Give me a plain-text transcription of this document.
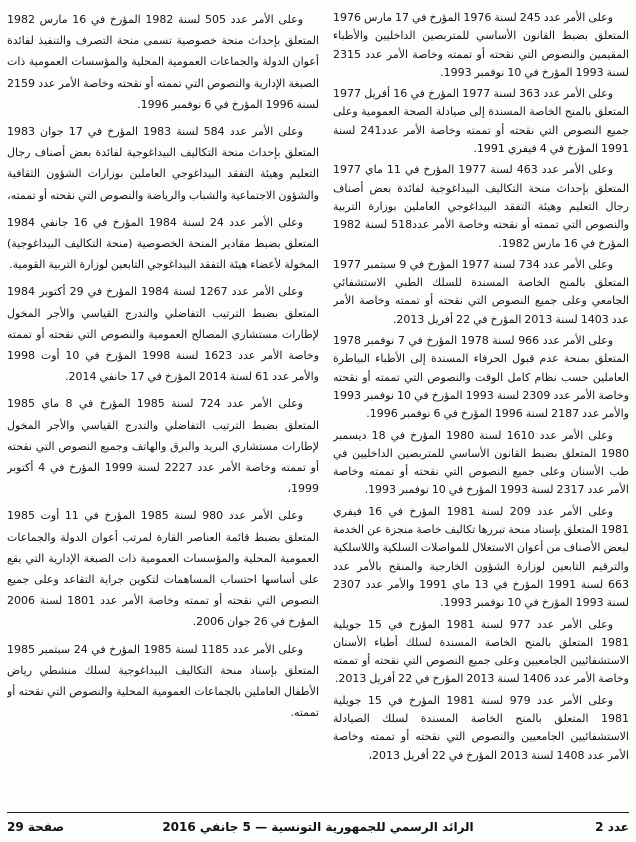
وعلى الأمر عدد 245 لسنة 1976 المؤرخ في 17 مارس 1976 المتعلق بضبط القانون الأساسي للمتربصين الداخليين والأطباء المقيمين والنصوص التي نقحته أو تممته وخاصة الأمر عدد 2315 لسنة 1993 المؤرخ في 10 نوفمبر 1993.

وعلى الأمر عدد 363 لسنة 1977 المؤرخ في 16 أفريل 1977 المتعلق بالمنح الخاصة المسندة إلى صيادلة الصحة العمومية وعلى جميع النصوص التي نقحته أو تممته وخاصة الأمر عدد241 لسنة 1991 المؤرخ في 4 فيفري 1991.

وعلى الأمر عدد 463 لسنة 1977 المؤرخ في 11 ماي 1977 المتعلق بإحداث منحة التكاليف البيداغوجية لفائدة بعض أصناف رجال التعليم وهيئة التفقد البيداغوجي العاملين بوزارة التربية والنصوص التي تممته أو نقحته وخاصة الأمر عدد518 لسنة 1982 المؤرخ في 16 مارس 1982.

وعلى الأمر عدد 734 لسنة 1977 المؤرخ في 9 سبتمبر 1977 المتعلق بالمنح الخاصة المسندة للسلك الطبي الاستشفائي الجامعي وعلى جميع النصوص التي نقحته أو تممته وخاصة الأمر عدد 1403 لسنة 2013 المؤرخ في 22 أفريل 2013.

وعلى الأمر عدد 966 لسنة 1978 المؤرخ في 7 نوفمبر 1978 المتعلق بمنحة عدم قبول الحرفاء المسندة إلى الأطباء البياطرة العاملين حسب نظام كامل الوقت والنصوص التي تممته أو نقحته وخاصة الأمر عدد 2309 لسنة 1993 المؤرخ في 10 نوفمبر 1993 والأمر عدد 2187 لسنة 1996 المؤرخ في 6 نوفمبر 1996.

وعلى الأمر عدد 1610 لسنة 1980 المؤرخ في 18 ديسمبر 1980 المتعلق بضبط القانون الأساسي للمتربصين الداخليين في طب الأسنان وعلى جميع النصوص التي نقحته أو تممته وخاصة الأمر عدد 2317 لسنة 1993 المؤرخ في 10 نوفمبر 1993.

وعلى الأمر عدد 209 لسنة 1981 المؤرخ في 16 فيفري 1981 المتعلق بإسناد منحة تبررها تكاليف خاصة منجزة عن الخدمة لبعض الأصناف من أعوان الاستغلال للمواصلات السلكية واللاسلكية والترقيم التابعين لوزارة الشؤون الخارجية والمنقح بالأمر عدد 663 لسنة 1991 المؤرخ في 13 ماي 1991 والأمر عدد 2307 لسنة 1993 المؤرخ في 10 نوفمبر 1993.

وعلى الأمر عدد 977 لسنة 1981 المؤرخ في 15 جويلية 1981 المتعلق بالمنح الخاصة المسندة لسلك أطباء الأسنان الاستشفائيين الجامعيين وعلى جميع النصوص التي نقحته أو تممته وخاصة الأمر عدد 1406 لسنة 2013 المؤرخ في 22 أفريل 2013.

وعلى الأمر عدد 979 لسنة 1981 المؤرخ في 15 جويلية 1981 المتعلق بالمنح الخاصة المسندة لسلك الصيادلة الاستشفائيين الجامعيين والنصوص التي نقحته أو تممته وخاصة الأمر عدد 1408 لسنة 2013 المؤرخ في 22 أفريل 2013،

وعلى الأمر عدد 505 لسنة 1982 المؤرخ في 16 مارس 1982 المتعلق بإحداث منحة خصوصية تسمى منحة التصرف والتنفيذ لفائدة أعوان الدولة والجماعات العمومية المحلية والمؤسسات العمومية ذات الصبغة الإدارية والنصوص التي تممته أو نقحته وخاصة الأمر عدد 2159 لسنة 1996 المؤرخ في 6 نوفمبر 1996.

وعلى الأمر عدد 584 لسنة 1983 المؤرخ في 17 جوان 1983 المتعلق بإحداث منحة التكاليف البيداغوجية لفائدة بعض أصناف رجال التعليم وهيئة التفقد البيداغوجي العاملين بوزارات الشؤون الثقافية والشؤون الاجتماعية والشباب والرياضة والنصوص التي نقحته أو تممته،

وعلى الأمر عدد 24 لسنة 1984 المؤرخ في 16 جانفي 1984 المتعلق بضبط مقادير المنحة الخصوصية (منحة التكاليف البيداغوجية) المخولة لأعضاء هيئة التفقد البيداغوجي التابعين لوزارة التربية القومية.

وعلى الأمر عدد 1267 لسنة 1984 المؤرخ في 29 أكتوبر 1984 المتعلق بضبط الترتيب التفاضلي والتدرج القياسي والأجر المخول لإطارات مستشاري المصالح العمومية والنصوص التي نقحته أو تممته وخاصة الأمر عدد 1623 لسنة 1998 المؤرخ في 10 أوت 1998 والأمر عدد 61 لسنة 2014 المؤرخ في 17 جانفي 2014.

وعلى الأمر عدد 724 لسنة 1985 المؤرخ في 8 ماي 1985 المتعلق بضبط الترتيب التفاضلي والتدرج القياسي والأجر المخول لإطارات مستشاري البريد والبرق والهاتف وجميع النصوص التي نقحته أو تممته وخاصة الأمر عدد 2227 لسنة 1999 المؤرخ في 4 أكتوبر 1999،

وعلى الأمر عدد 980 لسنة 1985 المؤرخ في 11 أوت 1985 المتعلق بضبط قائمة العناصر القارة لمرتب أعوان الدولة والجماعات العمومية المحلية والمؤسسات العمومية ذات الصبغة الإدارية التي يقع على أساسها احتساب المساهمات لتكوين جراية التقاعد وعلى جميع النصوص التي نقحته أو تممته وخاصة الأمر عدد 1801 لسنة 2006 المؤرخ في 26 جوان 2006.

وعلى الأمر عدد 1185 لسنة 1985 المؤرخ في 24 سبتمبر 1985 المتعلق بإسناد منحة التكاليف البيداغوجية لسلك منشطي رياض الأطفال العاملين بالجماعات العمومية المحلية والنصوص التي نقحته أو تممته.

عدد 2
الرائد الرسمي للجمهورية التونسية — 5 جانفي 2016
صفحة 29
